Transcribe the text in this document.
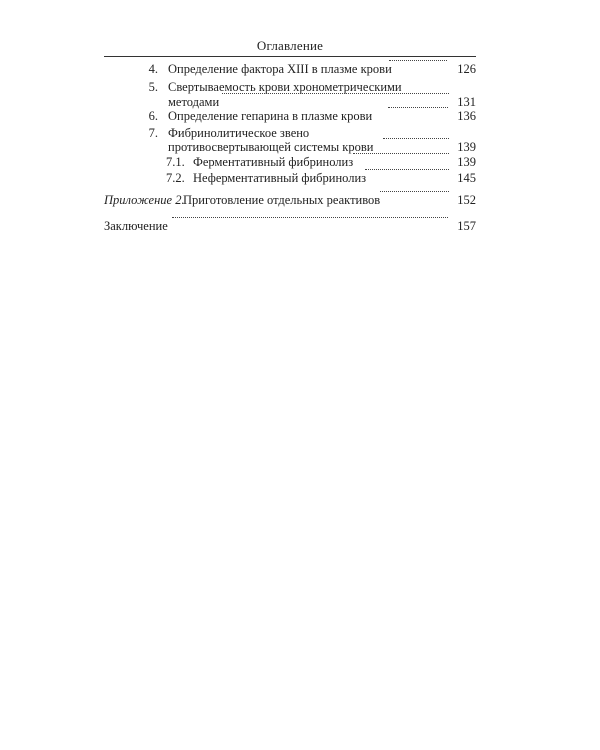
Оглавление
4. Определение фактора XIII в плазме крови	126
5. Свертываемость крови хронометрическими
методами	131
6. Определение гепарина в плазме крови	136
7. Фибринолитическое звено
противосвертывающей системы крови	139
7.1. Ферментативный фибринолиз	139
7.2. Неферментативный фибринолиз	145
Приложение 2.
Приготовление отдельных реактивов	152
Заключение	157
